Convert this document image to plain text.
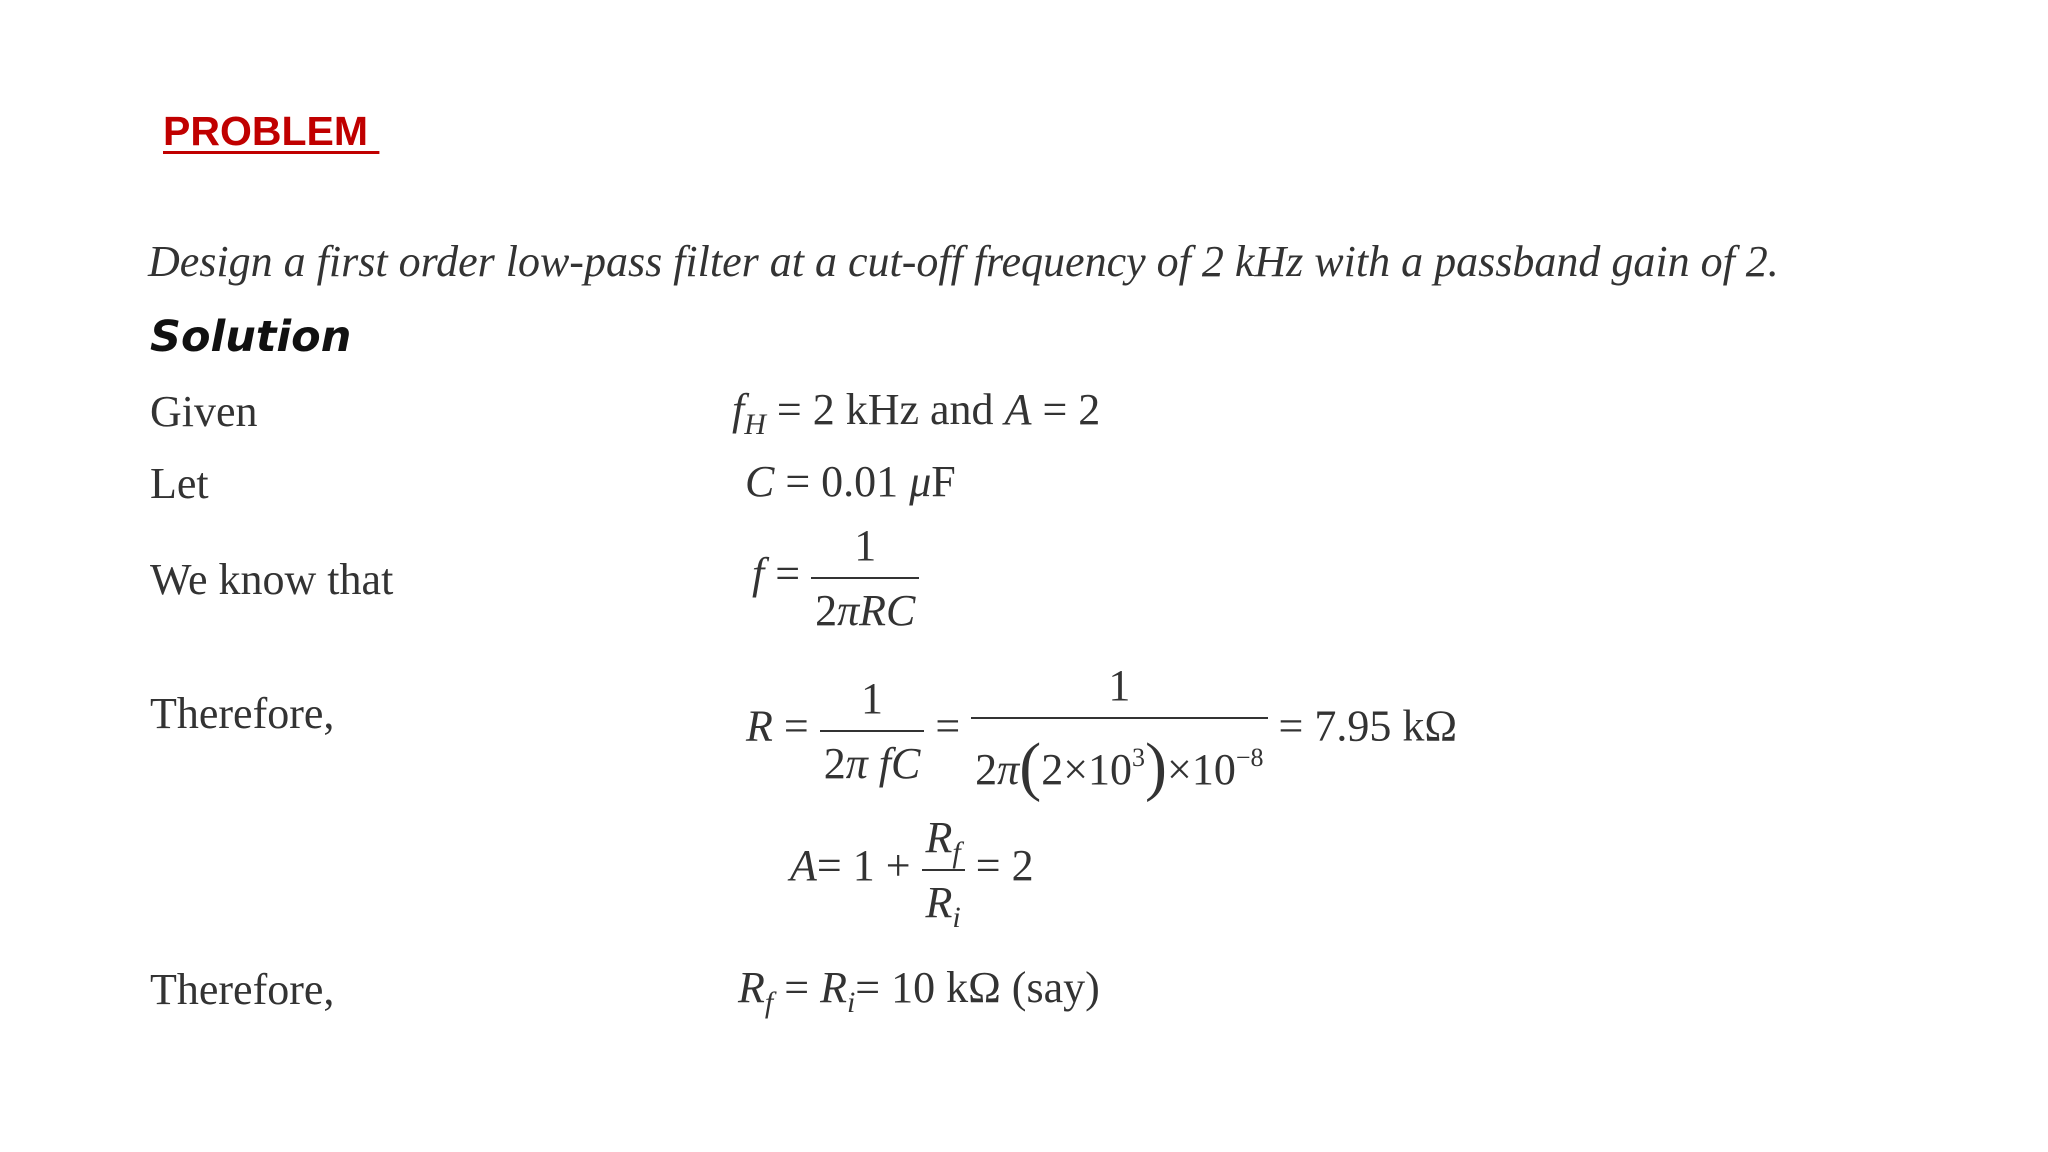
PROBLEM
Design a first order low-pass filter at a cut-off frequency of 2 kHz with a passband gain of 2.
Solution
Given	$f_H = 2$ kHz and A = 2
Let	C = 0.01 μF
We know that	$f = \frac{1}{\text{2πRC}}$
Therefore,	$R = \frac{1}{\text{2π fC}} = \frac{1}{2\pi(2\times 10^3)\times 10^{-8}} = 7.95$ kΩ
$A= 1 + \frac{R_f}{R_i} = 2$
Therefore,	$R_f = R_i= 10$ kΩ (say)
